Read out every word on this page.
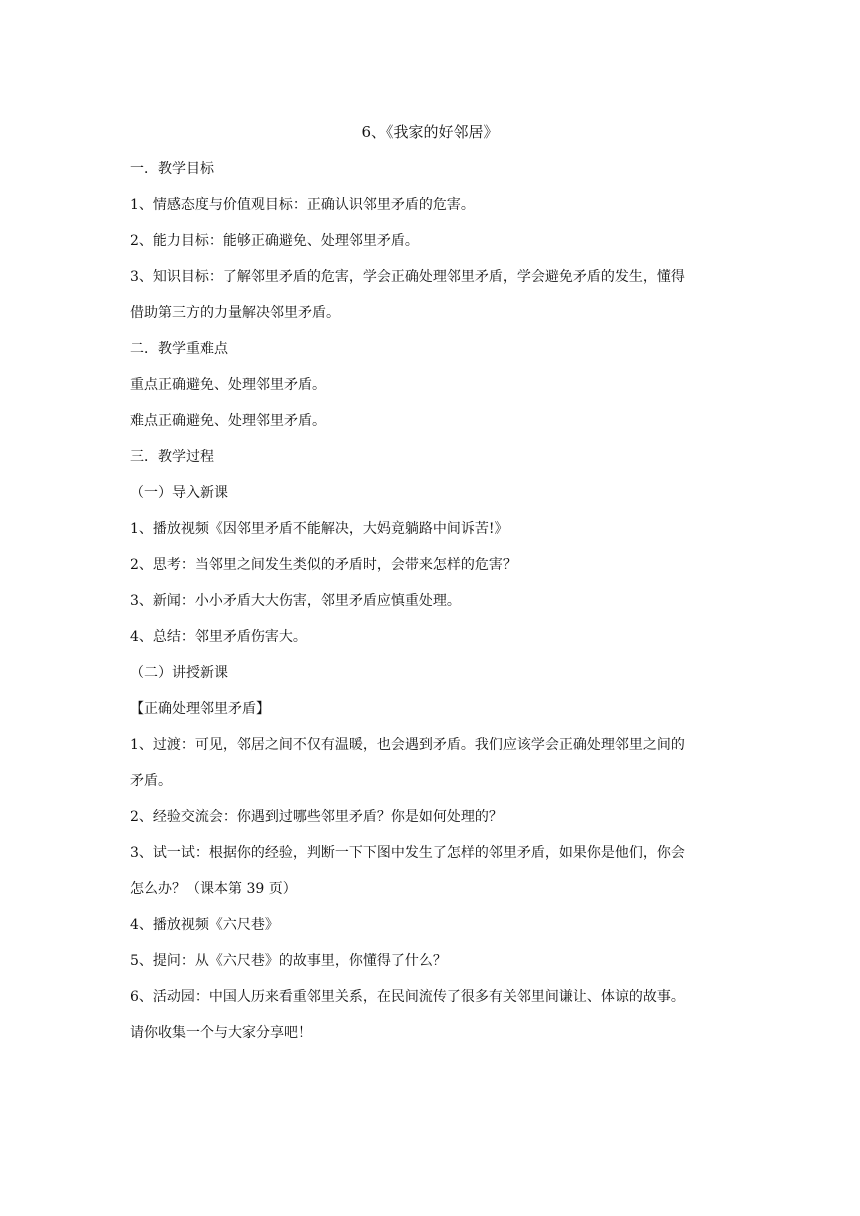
6、《我家的好邻居》
一．教学目标
1、情感态度与价值观目标：正确认识邻里矛盾的危害。
2、能力目标：能够正确避免、处理邻里矛盾。
3、知识目标：了解邻里矛盾的危害，学会正确处理邻里矛盾，学会避免矛盾的发生，懂得
借助第三方的力量解决邻里矛盾。
二．教学重难点
重点正确避免、处理邻里矛盾。
难点正确避免、处理邻里矛盾。
三．教学过程
（一）导入新课
1、播放视频《因邻里矛盾不能解决，大妈竟躺路中间诉苦!》
2、思考：当邻里之间发生类似的矛盾时，会带来怎样的危害？
3、新闻：小小矛盾大大伤害，邻里矛盾应慎重处理。
4、总结：邻里矛盾伤害大。
（二）讲授新课
【正确处理邻里矛盾】
1、过渡：可见，邻居之间不仅有温暖，也会遇到矛盾。我们应该学会正确处理邻里之间的
矛盾。
2、经验交流会：你遇到过哪些邻里矛盾？你是如何处理的？
3、试一试：根据你的经验，判断一下下图中发生了怎样的邻里矛盾，如果你是他们，你会
怎么办？（课本第 39 页）
4、播放视频《六尺巷》
5、提问：从《六尺巷》的故事里，你懂得了什么？
6、活动园：中国人历来看重邻里关系，在民间流传了很多有关邻里间谦让、体谅的故事。
请你收集一个与大家分享吧！
